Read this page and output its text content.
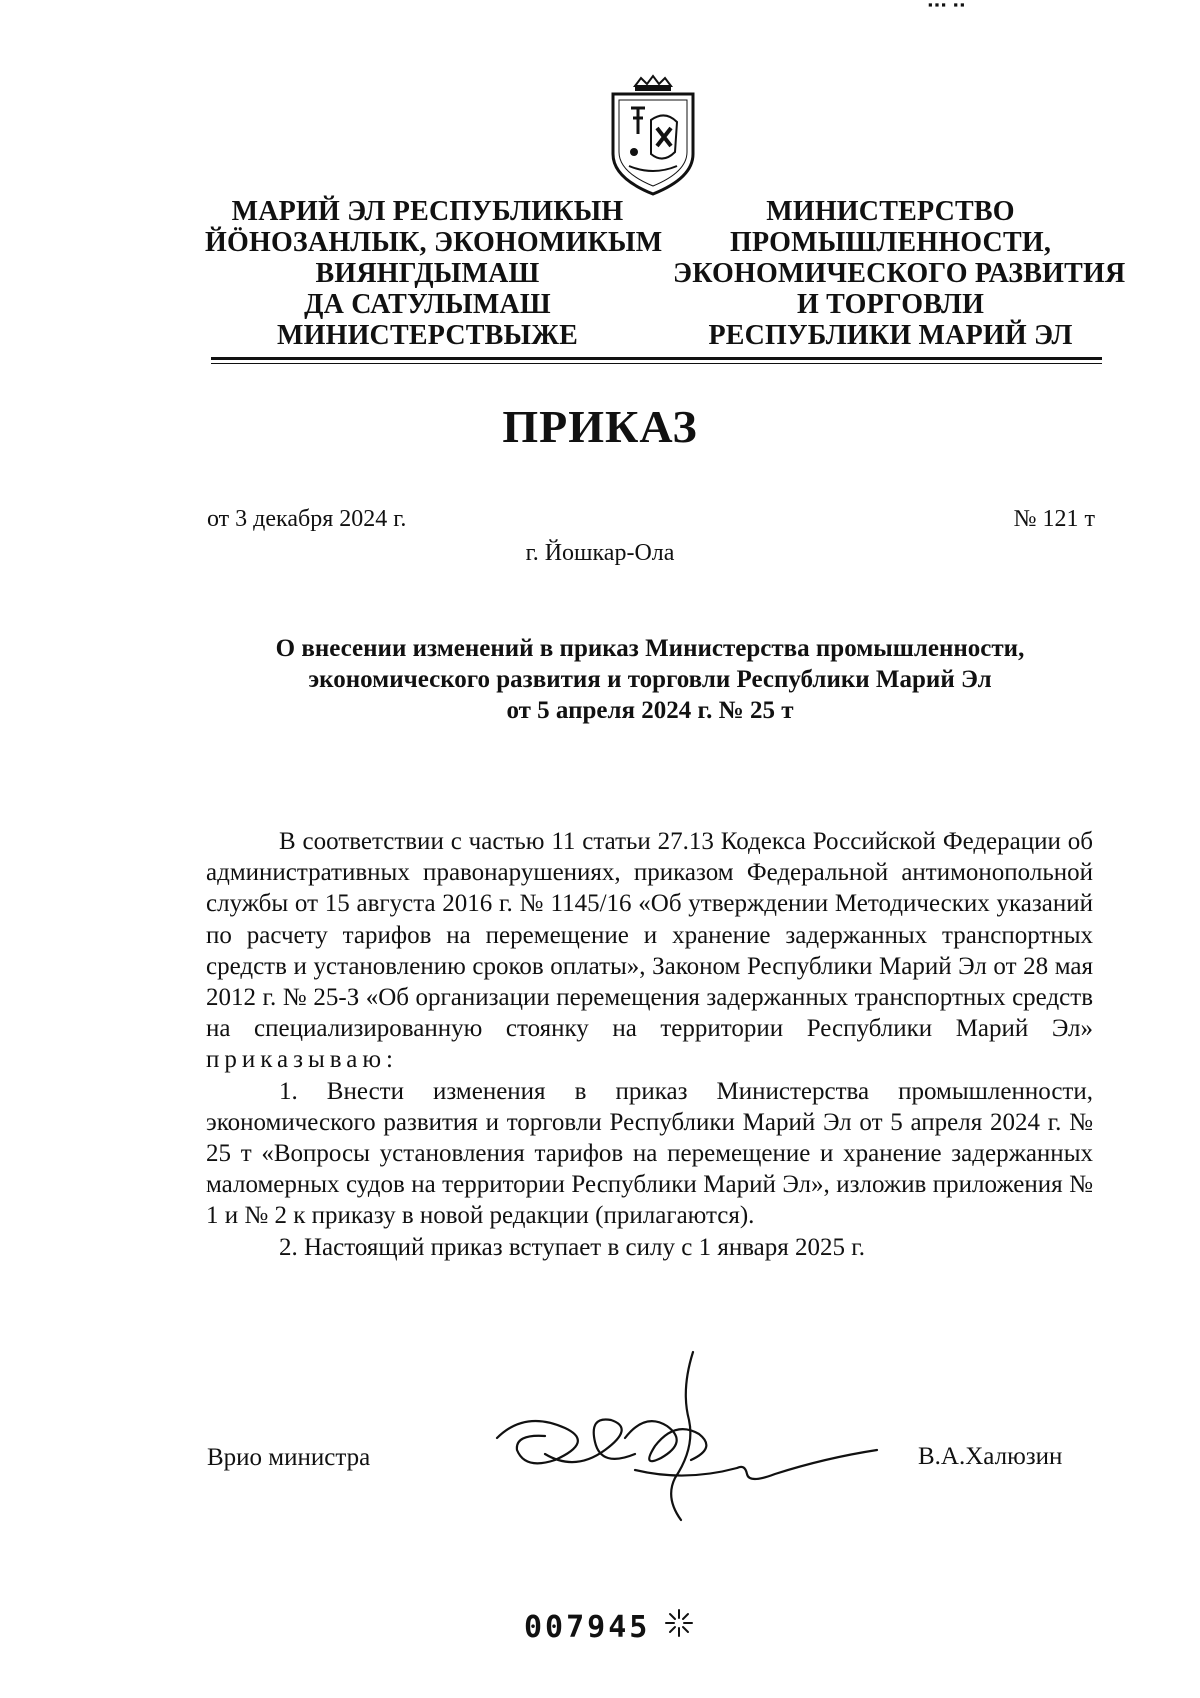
▪▪▪ ▪▪
МАРИЙ ЭЛ РЕСПУБЛИКЫН
ЙӦНОЗАНЛЫК, ЭКОНОМИКЫМ
ВИЯНГДЫМАШ
ДА САТУЛЫМАШ
МИНИСТЕРСТВЫЖЕ
МИНИСТЕРСТВО
ПРОМЫШЛЕННОСТИ,
ЭКОНОМИЧЕСКОГО РАЗВИТИЯ
И ТОРГОВЛИ
РЕСПУБЛИКИ МАРИЙ ЭЛ
ПРИКАЗ
от 3 декабря 2024 г.	№ 121 т
г. Йошкар-Ола
О внесении изменений в приказ Министерства промышленности,
экономического развития и торговли Республики Марий Эл
от 5 апреля 2024 г. № 25 т

В соответствии с частью 11 статьи 27.13 Кодекса Российской Федерации об административных правонарушениях, приказом Федеральной антимонопольной службы от 15 августа 2016 г. № 1145/16 «Об утверждении Методических указаний по расчету тарифов на перемещение и хранение задержанных транспортных средств и установлению сроков оплаты», Законом Республики Марий Эл от 28 мая 2012 г. № 25-З «Об организации перемещения задержанных транспортных средств на специализированную стоянку на территории Республики Марий Эл» приказываю:

1. Внести изменения в приказ Министерства промышленности, экономического развития и торговли Республики Марий Эл от 5 апреля 2024 г. № 25 т «Вопросы установления тарифов на перемещение и хранение задержанных маломерных судов на территории Республики Марий Эл», изложив приложения № 1 и № 2 к приказу в новой редакции (прилагаются).

2. Настоящий приказ вступает в силу с 1 января 2025 г.

Врио министра	В.А.Халюзин
007945
